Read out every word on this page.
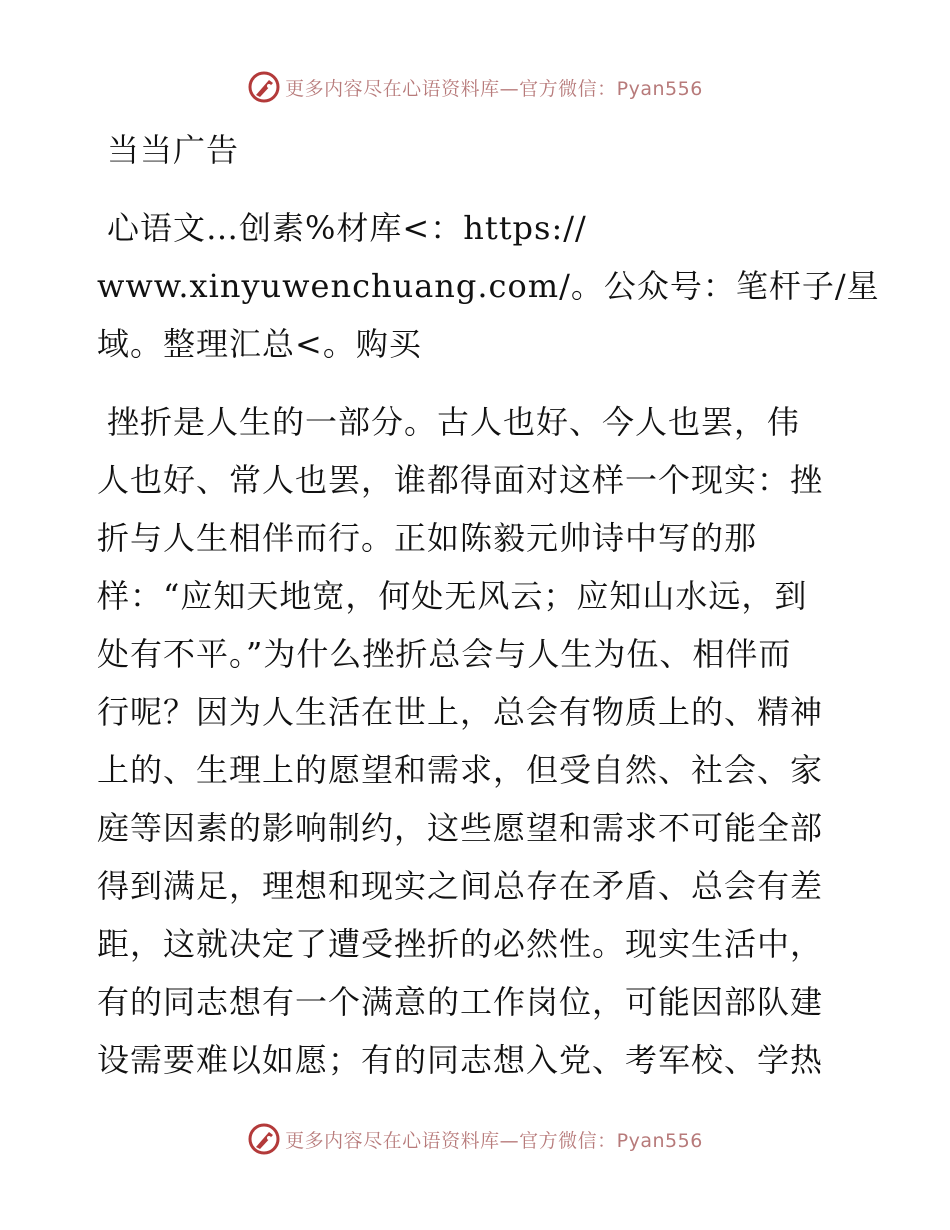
更多内容尽在心语资料库—官方微信：Pyan556
当当广告
心语文…创素%材库<：https://
www.xinyuwenchuang.com/。公众号：笔杆子/星
域。整理汇总<。购买
挫折是人生的一部分。古人也好、今人也罢，伟
人也好、常人也罢，谁都得面对这样一个现实：挫
折与人生相伴而行。正如陈毅元帅诗中写的那
样：“应知天地宽，何处无风云；应知山水远，到
处有不平。”为什么挫折总会与人生为伍、相伴而
行呢？因为人生活在世上，总会有物质上的、精神
上的、生理上的愿望和需求，但受自然、社会、家
庭等因素的影响制约，这些愿望和需求不可能全部
得到满足，理想和现实之间总存在矛盾、总会有差
距，这就决定了遭受挫折的必然性。现实生活中，
有的同志想有一个满意的工作岗位，可能因部队建
设需要难以如愿；有的同志想入党、考军校、学热
更多内容尽在心语资料库—官方微信：Pyan556
